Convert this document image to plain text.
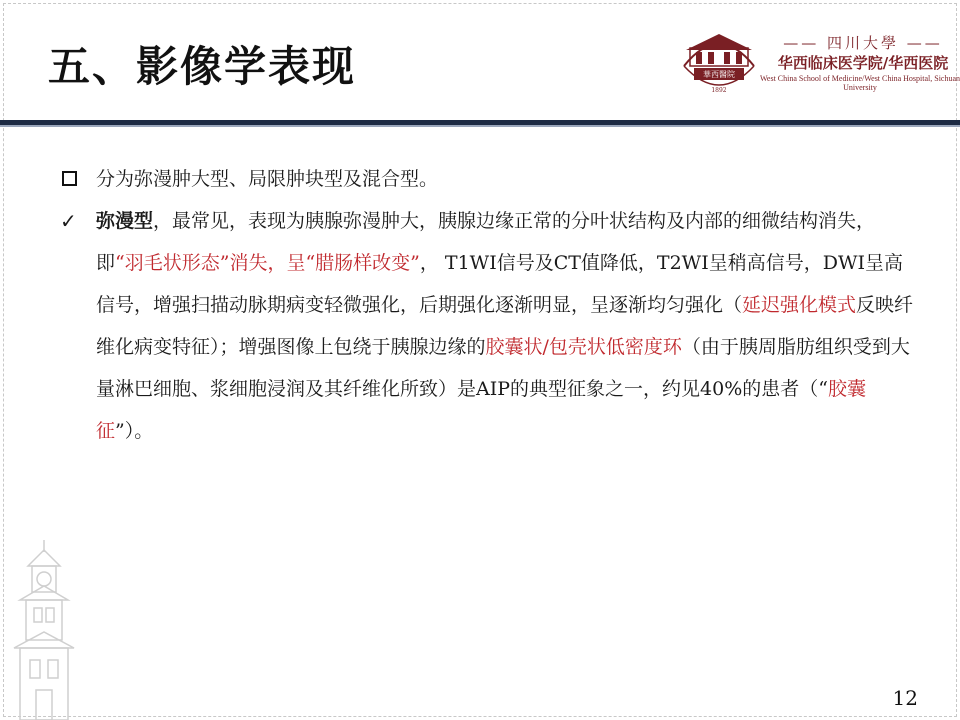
五、影像学表现	華西醫院
1892
—— 四川大學 ——
华西临床医学院/华西医院
West China School of Medicine/West China Hospital, Sichuan University
分为弥漫肿大型、局限肿块型及混合型。
✓	弥漫型，最常见，表现为胰腺弥漫肿大，胰腺边缘正常的分叶状结构及内部的细微结构消失，即“羽毛状形态”消失，呈“腊肠样改变”， T1WI信号及CT值降低，T2WI呈稍高信号，DWI呈高信号，增强扫描动脉期病变轻微强化，后期强化逐渐明显，呈逐渐均匀强化（延迟强化模式反映纤维化病变特征）；增强图像上包绕于胰腺边缘的胶囊状/包壳状低密度环（由于胰周脂肪组织受到大量淋巴细胞、浆细胞浸润及其纤维化所致）是AIP的典型征象之一，约见40%的患者（“胶囊征”）。
12
